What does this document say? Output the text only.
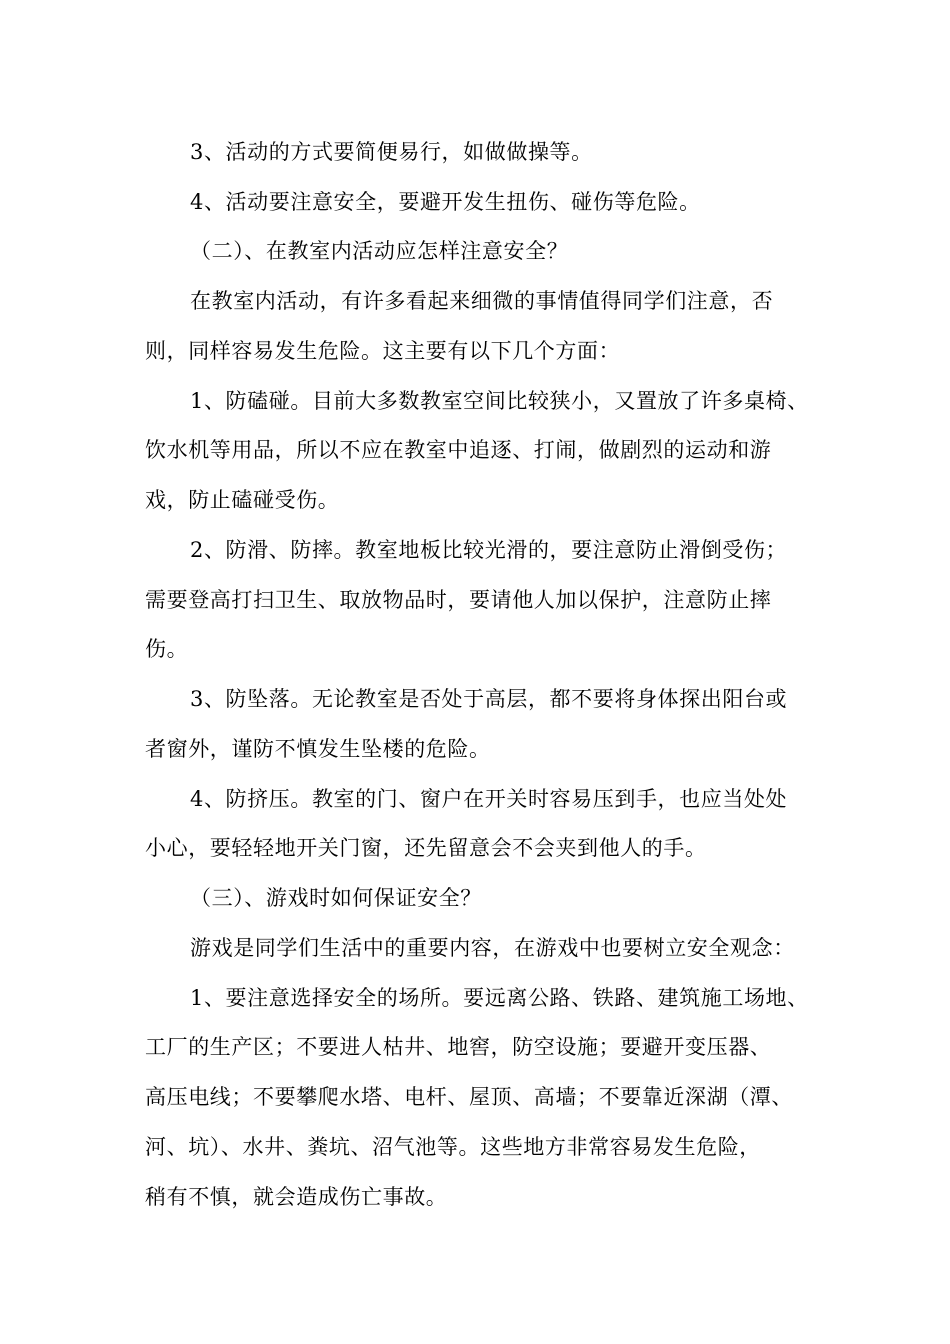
3、活动的方式要简便易行，如做做操等。
4、活动要注意安全，要避开发生扭伤、碰伤等危险。
（二）、在教室内活动应怎样注意安全？
在教室内活动，有许多看起来细微的事情值得同学们注意，否
则，同样容易发生危险。这主要有以下几个方面：
1、防磕碰。目前大多数教室空间比较狭小，又置放了许多桌椅、
饮水机等用品，所以不应在教室中追逐、打闹，做剧烈的运动和游
戏，防止磕碰受伤。
2、防滑、防摔。教室地板比较光滑的，要注意防止滑倒受伤；
需要登高打扫卫生、取放物品时，要请他人加以保护，注意防止摔
伤。
3、防坠落。无论教室是否处于高层，都不要将身体探出阳台或
者窗外，谨防不慎发生坠楼的危险。
4、防挤压。教室的门、窗户在开关时容易压到手，也应当处处
小心，要轻轻地开关门窗，还先留意会不会夹到他人的手。
（三）、游戏时如何保证安全？
游戏是同学们生活中的重要内容，在游戏中也要树立安全观念：
1、要注意选择安全的场所。要远离公路、铁路、建筑施工场地、
工厂的生产区；不要进人枯井、地窖，防空设施；要避开变压器、
高压电线；不要攀爬水塔、电杆、屋顶、高墙；不要靠近深湖（潭、
河、坑）、水井、粪坑、沼气池等。这些地方非常容易发生危险，
稍有不慎，就会造成伤亡事故。
